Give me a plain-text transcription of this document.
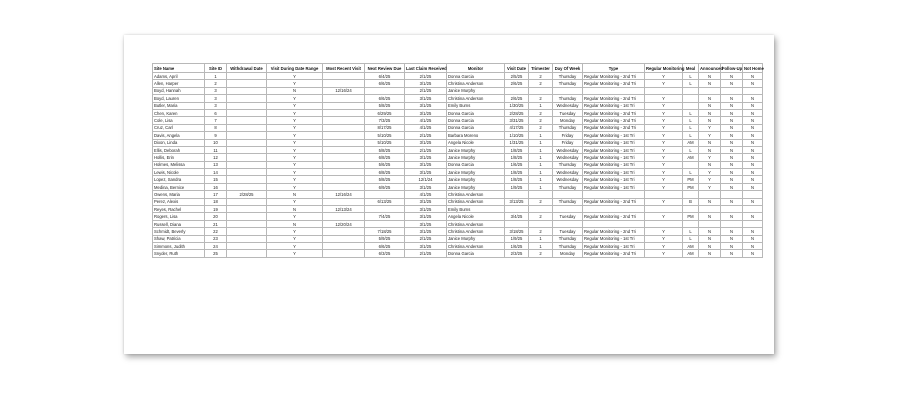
Site Name	Site ID	Withdrawal Date	Visit During Date Range	Most Recent Visit	Next Review Due	Last Claim Received	Monitor	Visit Date	Trimester	Day Of Week	Type	Regular Monitoring	Meal	Announced	Follow-Up	Not Home
Adams, April	1		Y		6/4/25	2/1/25	Donna Garcia	2/5/25	2	Thursday	Regular Monitoring - 2nd Tri	Y	L	N	N	N
Allen, Harper	2		Y		6/6/25	3/1/25	Christina Anderson	2/6/25	2	Thursday	Regular Monitoring - 2nd Tri	Y	L	N	N	N
Boyd, Hannah	3		N	12/16/24		2/1/25	Janice Murphy									
Boyd, Lauren	3		Y		6/6/25	3/1/25	Christina Anderson	2/6/25	2	Thursday	Regular Monitoring - 2nd Tri	Y		N	N	N
Butler, Maria	3		Y		5/8/25	3/1/25	Emily Burns	1/30/25	1	Wednesday	Regular Monitoring - 1st Tri	Y		N	N	N
Chen, Karen	6		Y		6/29/25	3/1/25	Donna Garcia	2/28/25	2	Tuesday	Regular Monitoring - 2nd Tri	Y	L	N	N	N
Cole, Lisa	7		Y		7/3/25	4/1/25	Donna Garcia	3/31/25	2	Monday	Regular Monitoring - 2nd Tri	Y	L	N	N	N
Cruz, Carl	8		Y		8/17/25	4/1/25	Donna Garcia	4/17/25	2	Thursday	Regular Monitoring - 2nd Tri	Y	L	Y	N	N
Davis, Angela	9		Y		5/10/25	2/1/25	Barbara Moreno	1/10/25	1	Friday	Regular Monitoring - 1st Tri	Y	L	Y	N	N
Dixon, Linda	10		Y		5/10/25	3/1/25	Angela Nicole	1/31/25	1	Friday	Regular Monitoring - 1st Tri	Y	AM	N	N	N
Ellis, Deborah	11		Y		5/8/25	2/1/25	Janice Murphy	1/8/25	1	Wednesday	Regular Monitoring - 1st Tri	Y	L	N	N	N
Hollis, Erin	12		Y		6/8/25	3/1/25	Janice Murphy	1/8/25	1	Wednesday	Regular Monitoring - 1st Tri	Y	AM	Y	N	N
Holmes, Melissa	13		Y		5/6/25	3/1/25	Donna Garcia	1/6/25	1	Thursday	Regular Monitoring - 1st Tri	Y		N	N	N
Lewis, Nicole	14		Y		6/8/25	3/1/25	Janice Murphy	1/8/25	1	Wednesday	Regular Monitoring - 1st Tri	Y	L	Y	N	N
Lopez, Sandra	15		Y		5/8/25	12/1/24	Janice Murphy	1/8/25	1	Wednesday	Regular Monitoring - 1st Tri	Y	PM	Y	N	N
Medina, Bernice	16		Y		6/9/25	3/1/25	Janice Murphy	1/9/25	1	Thursday	Regular Monitoring - 1st Tri	Y	PM	Y	N	N
Owens, Maria	17	2/28/25	N	12/16/24		4/1/25	Christina Anderson									
Perez, Alexis	18		Y		6/13/25	3/1/25	Christina Anderson	3/13/25	2	Thursday	Regular Monitoring - 2nd Tri	Y	B	N	N	N
Reyes, Rachel	19		N	12/13/24		3/1/25	Emily Burns									
Rogers, Lisa	20		Y		7/4/25	3/1/25	Angela Nicole	3/4/25	2	Tuesday	Regular Monitoring - 2nd Tri	Y	PM	N	N	N
Russell, Diana	21		N	12/20/24		3/1/25	Christina Anderson									
Schmidt, Beverly	22		Y		7/18/25	3/1/25	Christina Anderson	3/18/25	2	Tuesday	Regular Monitoring - 2nd Tri	Y	L	N	N	N
Shaw, Patricia	23		Y		5/9/25	2/1/25	Janice Murphy	1/9/25	1	Thursday	Regular Monitoring - 1st Tri	Y	L	N	N	N
Simmons, Judith	24		Y		6/6/25	3/1/25	Christina Anderson	1/6/25	1	Thursday	Regular Monitoring - 1st Tri	Y	AM	N	N	N
Snyder, Ruth	25		Y		6/3/25	2/1/25	Donna Garcia	2/3/25	2	Monday	Regular Monitoring - 2nd Tri	Y	AM	N	N	N
